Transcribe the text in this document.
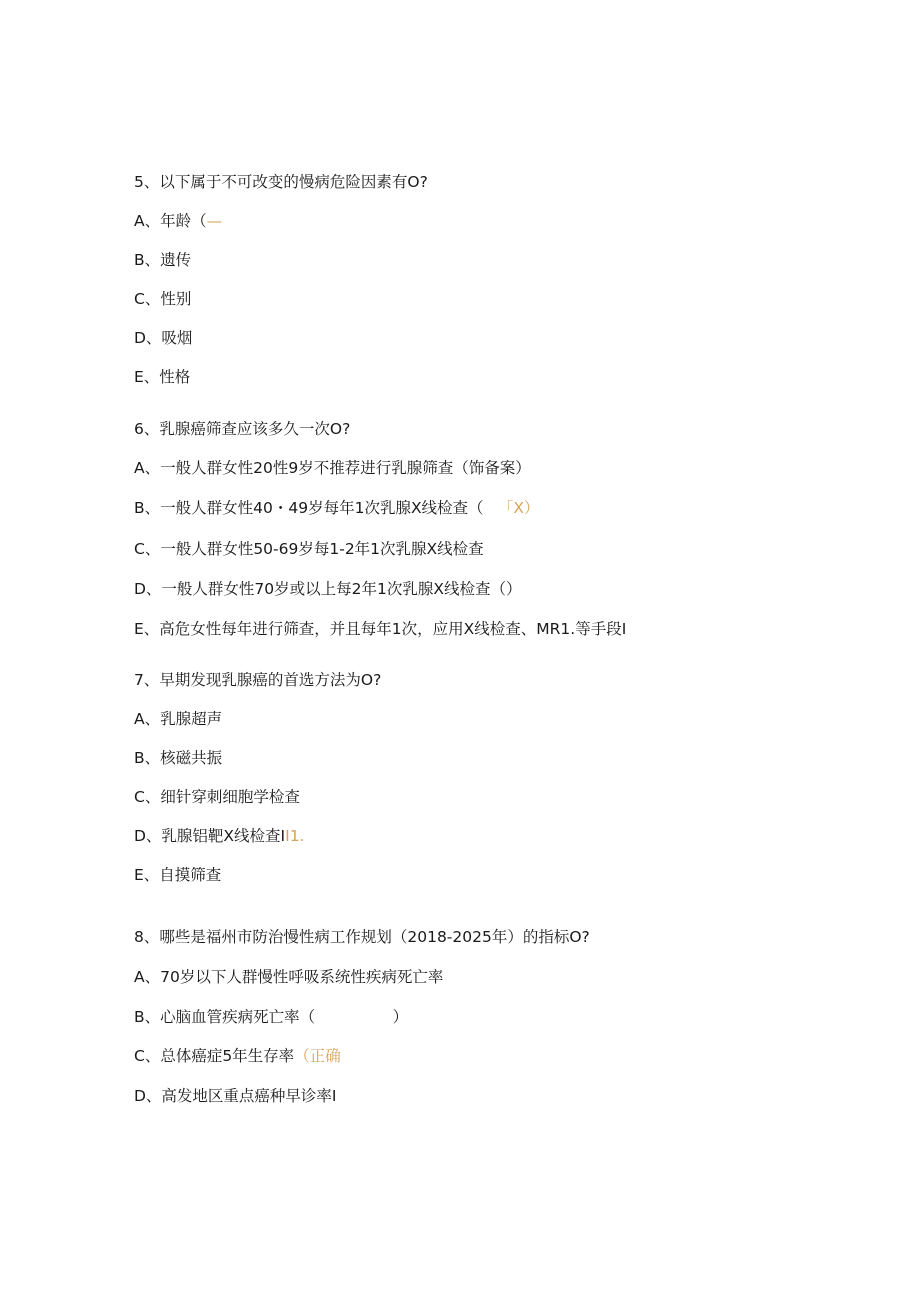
5、以下属于不可改变的慢病危险因素有O?
A、年龄（—
B、遗传
C、性别
D、吸烟
E、性格
6、乳腺癌筛查应该多久一次O?
A、一般人群女性20性9岁不推荐进行乳腺筛查（饰备案）
B、一般人群女性40・49岁每年1次乳腺X线检查（ 「X）
C、一般人群女性50-69岁每1-2年1次乳腺X线检查
D、一般人群女性70岁或以上每2年1次乳腺X线检查（）
E、高危女性每年进行筛查，并且每年1次，应用X线检查、MR1.等手段I
7、早期发现乳腺癌的首选方法为O?
A、乳腺超声
B、核磁共振
C、细针穿刺细胞学检查
D、乳腺铝靶X线检查II1.
E、自摸筛查
8、哪些是福州市防治慢性病工作规划（2018-2025年）的指标O?
A、70岁以下人群慢性呼吸系统性疾病死亡率
B、心脑血管疾病死亡率（　　　　　）
C、总体癌症5年生存率（正确
D、高发地区重点癌种早诊率I
